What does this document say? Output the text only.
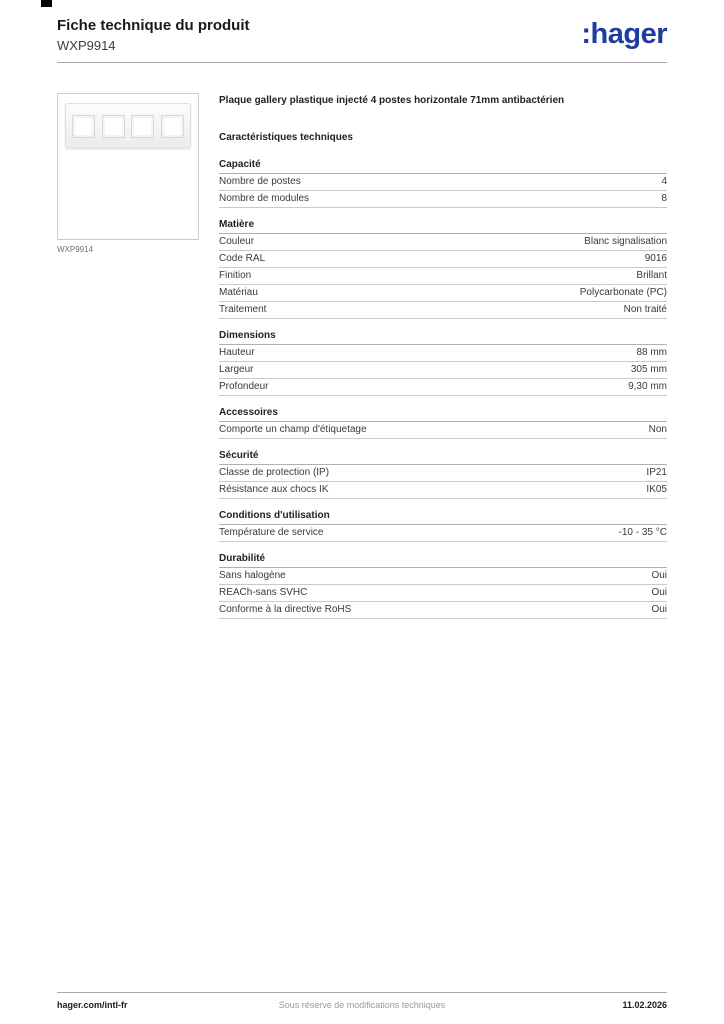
Fiche technique du produit
WXP9914	:hager
WXP9914

Plaque gallery plastique injecté 4 postes horizontale 71mm antibactérien

Caractéristiques techniques
Capacité
Nombre de postes	4
Nombre de modules	8
Matière
Couleur	Blanc signalisation
Code RAL	9016
Finition	Brillant
Matériau	Polycarbonate (PC)
Traitement	Non traité
Dimensions
Hauteur	88 mm
Largeur	305 mm
Profondeur	9,30 mm
Accessoires
Comporte un champ d'étiquetage	Non
Sécurité
Classe de protection (IP)	IP21
Résistance aux chocs IK	IK05
Conditions d'utilisation
Température de service	-10 - 35 °C
Durabilité
Sans halogène	Oui
REACh-sans SVHC	Oui
Conforme à la directive RoHS	Oui
hager.com/intl-fr	Sous réserve de modifications techniques	11.02.2026
